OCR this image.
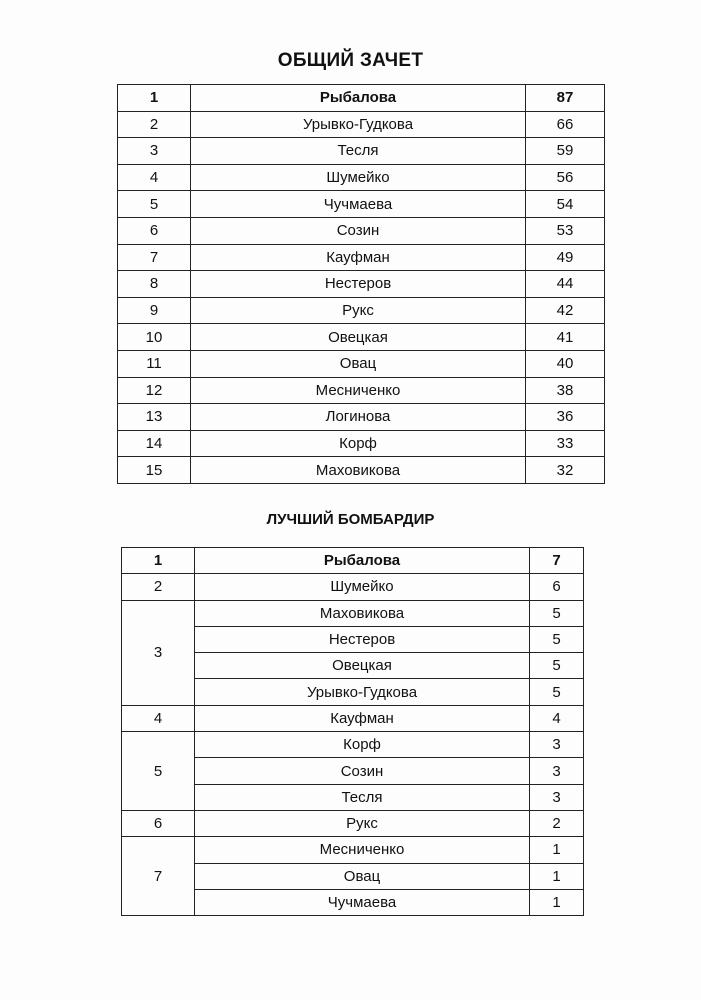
ОБЩИЙ ЗАЧЕТ
1	Рыбалова	87
2	Урывко-Гудкова	66
3	Тесля	59
4	Шумейко	56
5	Чучмаева	54
6	Созин	53
7	Кауфман	49
8	Нестеров	44
9	Рукс	42
10	Овецкая	41
11	Овац	40
12	Месниченко	38
13	Логинова	36
14	Корф	33
15	Маховикова	32
ЛУЧШИЙ БОМБАРДИР
1	Рыбалова	7
2	Шумейко	6
3	Маховикова	5
	Нестеров	5
	Овецкая	5
	Урывко-Гудкова	5
4	Кауфман	4
5	Корф	3
	Созин	3
	Тесля	3
6	Рукс	2
7	Месниченко	1
	Овац	1
	Чучмаева	1
